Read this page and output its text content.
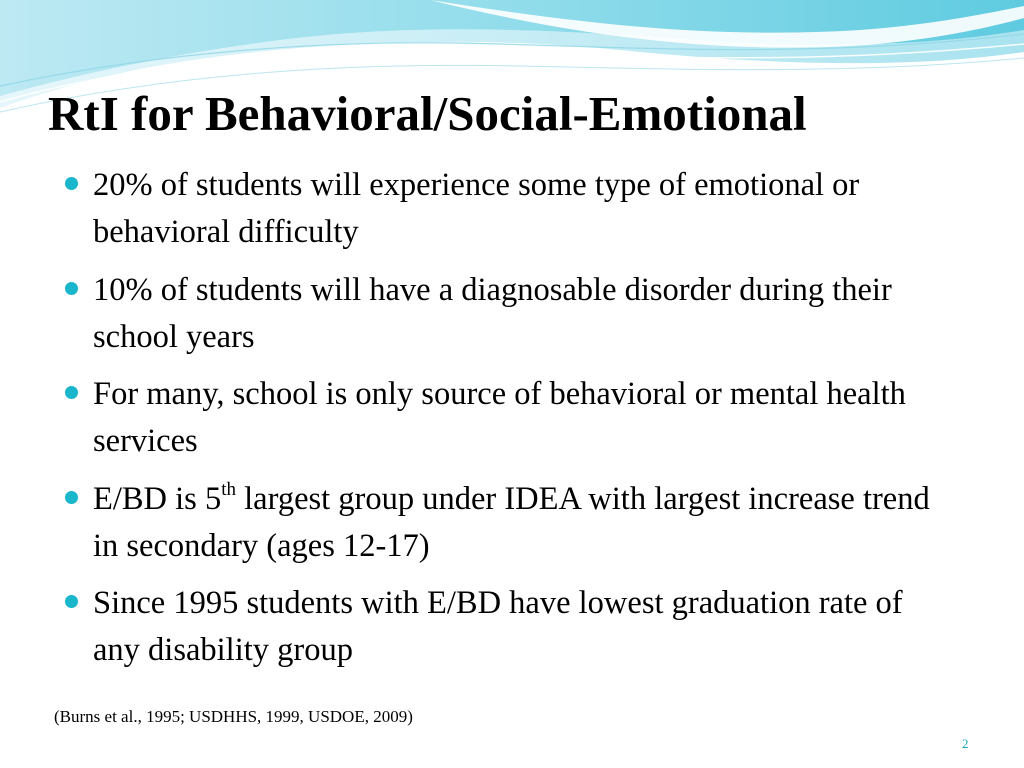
RtI for Behavioral/Social-Emotional
20% of students will experience some type of emotional or behavioral difficulty
10% of students will have a diagnosable disorder during their school years
For many, school is only source of behavioral or mental health services
E/BD is 5th largest group under IDEA with largest increase trend in secondary (ages 12-17)
Since 1995 students with E/BD have lowest graduation rate of any disability group
(Burns et al., 1995; USDHHS, 1999, USDOE, 2009)
2
